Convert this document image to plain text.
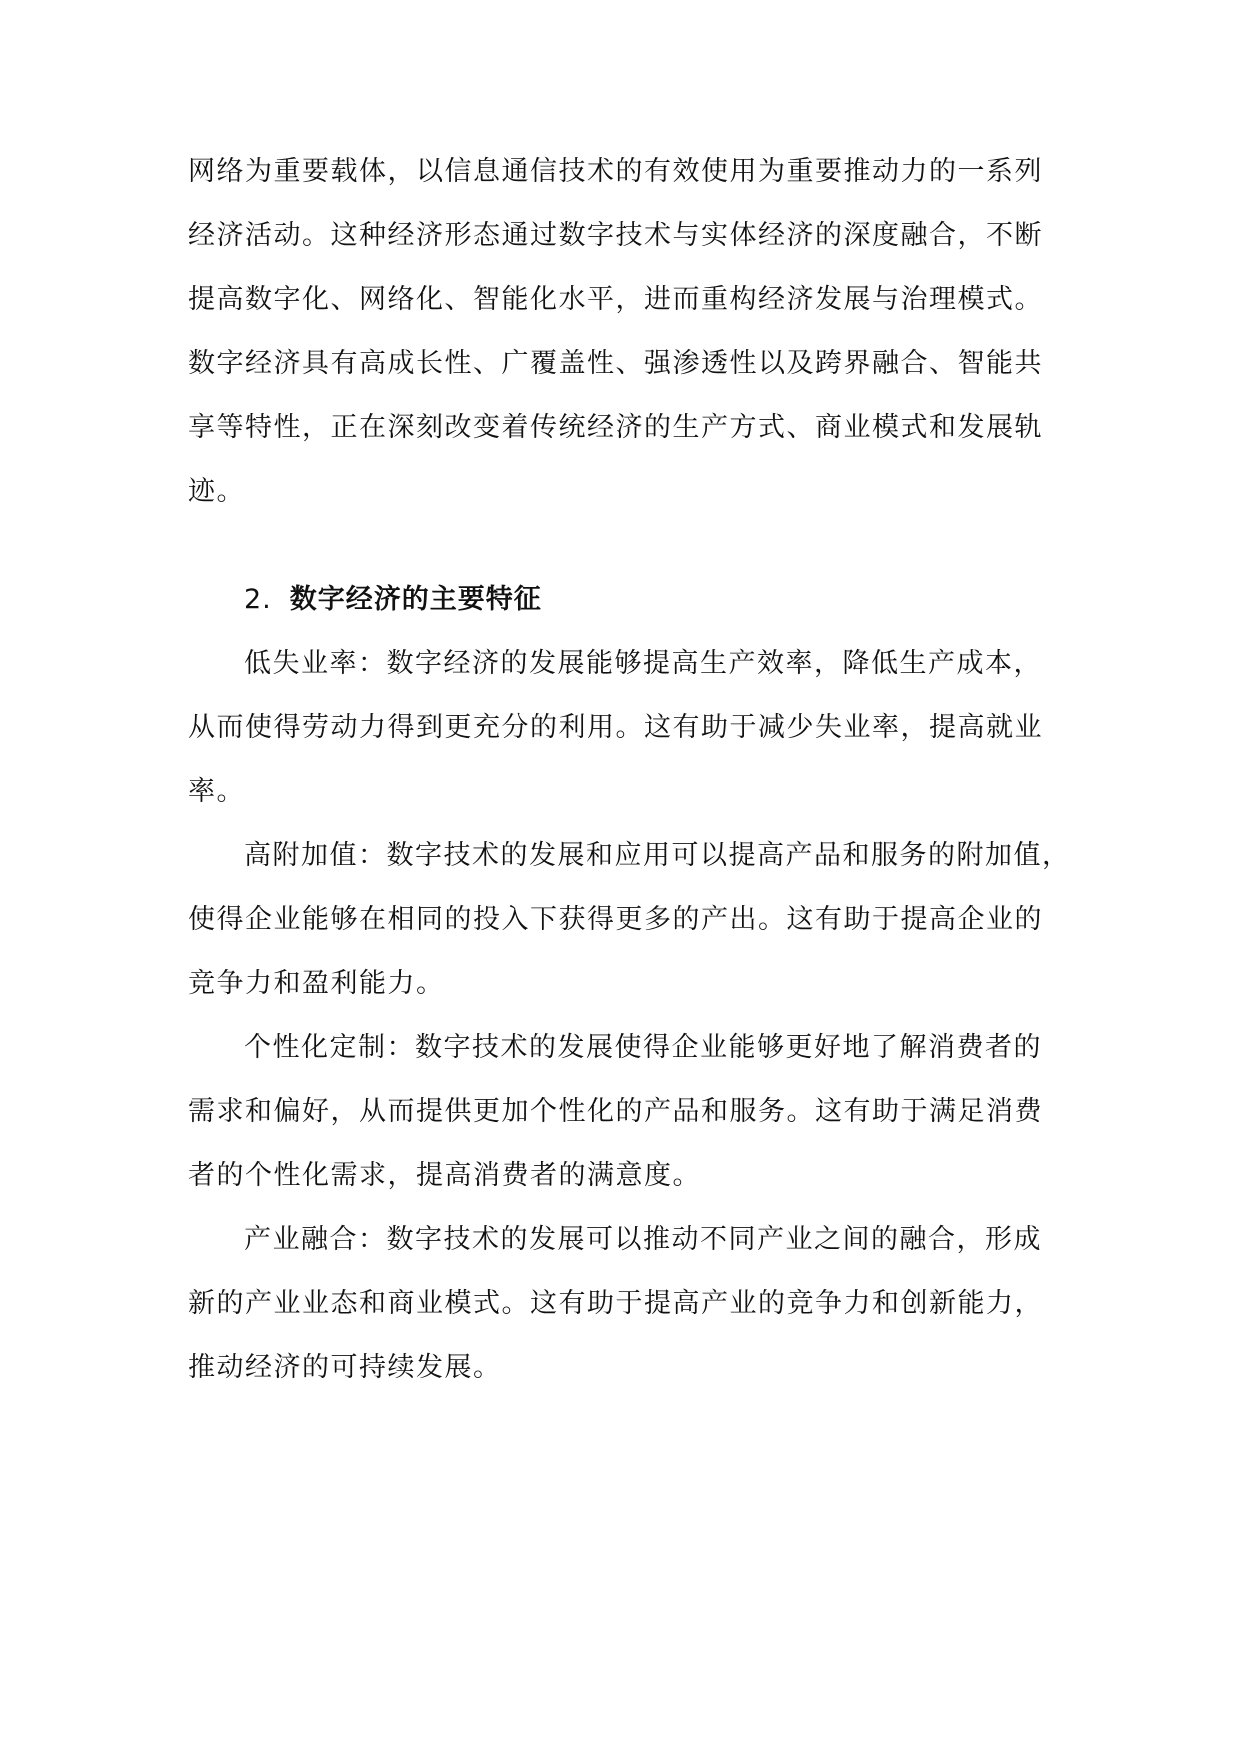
网络为重要载体，以信息通信技术的有效使用为重要推动力的一系列
经济活动。这种经济形态通过数字技术与实体经济的深度融合，不断
提高数字化、网络化、智能化水平，进而重构经济发展与治理模式。
数字经济具有高成长性、广覆盖性、强渗透性以及跨界融合、智能共
享等特性，正在深刻改变着传统经济的生产方式、商业模式和发展轨
迹。

2. 数字经济的主要特征

低失业率：数字经济的发展能够提高生产效率，降低生产成本，
从而使得劳动力得到更充分的利用。这有助于减少失业率，提高就业
率。

高附加值：数字技术的发展和应用可以提高产品和服务的附加值，
使得企业能够在相同的投入下获得更多的产出。这有助于提高企业的
竞争力和盈利能力。

个性化定制：数字技术的发展使得企业能够更好地了解消费者的
需求和偏好，从而提供更加个性化的产品和服务。这有助于满足消费
者的个性化需求，提高消费者的满意度。

产业融合：数字技术的发展可以推动不同产业之间的融合，形成
新的产业业态和商业模式。这有助于提高产业的竞争力和创新能力，
推动经济的可持续发展。
